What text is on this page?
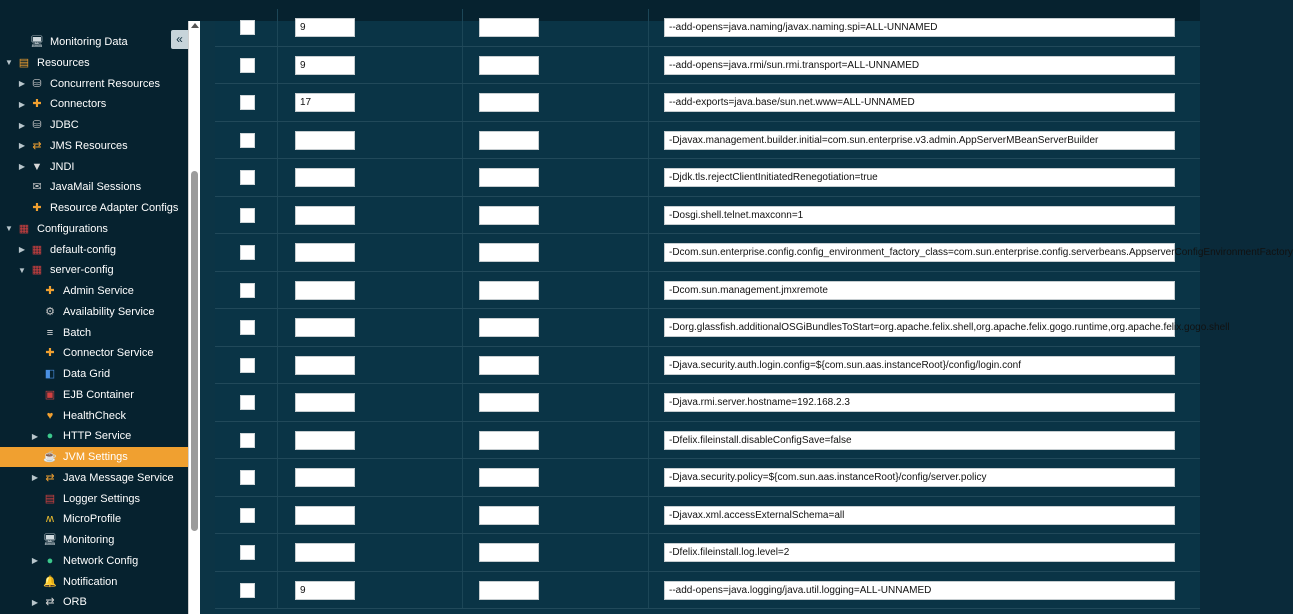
«
🖥 Monitoring Data
▼ ▤ Resources
▶ ⛁ Concurrent Resources
▶ ✚ Connectors
▶ ⛁ JDBC
▶ ⇄ JMS Resources
▶ ▼ JNDI
✉ JavaMail Sessions
✚ Resource Adapter Configs
▼ ▦ Configurations
▶ ▦ default-config
▼ ▦ server-config
✚ Admin Service
⚙ Availability Service
≡ Batch
✚ Connector Service
◧ Data Grid
▣ EJB Container
♥ HealthCheck
▶ ● HTTP Service
☕ JVM Settings
▶ ⇄ Java Message Service
▤ Logger Settings
ʍ MicroProfile
🖥 Monitoring
▶ ● Network Config
🔔 Notification
▶ ⇄ ORB
9	--add-opens=java.naming/javax.naming.spi=ALL-UNNAMED
9	--add-opens=java.rmi/sun.rmi.transport=ALL-UNNAMED
17	--add-exports=java.base/sun.net.www=ALL-UNNAMED
-Djavax.management.builder.initial=com.sun.enterprise.v3.admin.AppServerMBeanServerBuilder
-Djdk.tls.rejectClientInitiatedRenegotiation=true
-Dosgi.shell.telnet.maxconn=1
-Dcom.sun.enterprise.config.config_environment_factory_class=com.sun.enterprise.config.serverbeans.AppserverConfigEnvironmentFactory
-Dcom.sun.management.jmxremote
-Dorg.glassfish.additionalOSGiBundlesToStart=org.apache.felix.shell,org.apache.felix.gogo.runtime,org.apache.felix.gogo.shell
-Djava.security.auth.login.config=${com.sun.aas.instanceRoot}/config/login.conf
-Djava.rmi.server.hostname=192.168.2.3
-Dfelix.fileinstall.disableConfigSave=false
-Djava.security.policy=${com.sun.aas.instanceRoot}/config/server.policy
-Djavax.xml.accessExternalSchema=all
-Dfelix.fileinstall.log.level=2
9	--add-opens=java.logging/java.util.logging=ALL-UNNAMED
